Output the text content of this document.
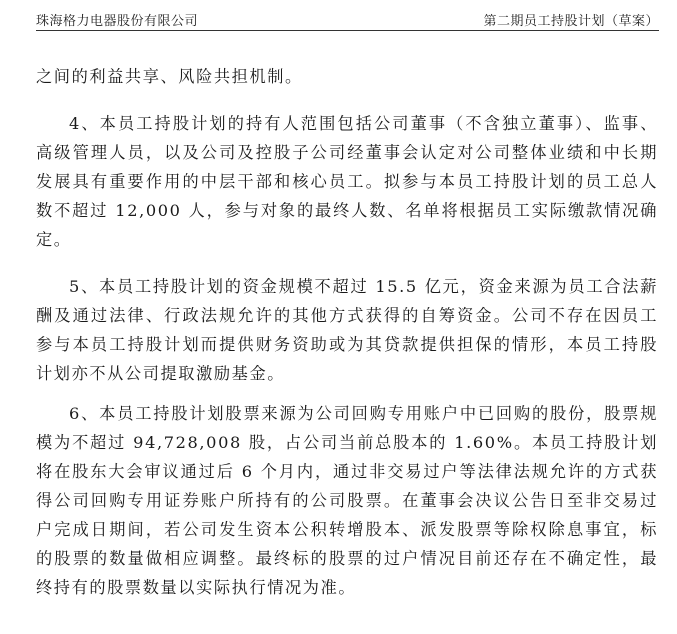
珠海格力电器股份有限公司	第二期员工持股计划（草案）

之间的利益共享、风险共担机制。

4、本员工持股计划的持有人范围包括公司董事（不含独立董事）、监事、高级管理人员，以及公司及控股子公司经董事会认定对公司整体业绩和中长期发展具有重要作用的中层干部和核心员工。拟参与本员工持股计划的员工总人数不超过 12,000 人，参与对象的最终人数、名单将根据员工实际缴款情况确定。

5、本员工持股计划的资金规模不超过 15.5 亿元，资金来源为员工合法薪酬及通过法律、行政法规允许的其他方式获得的自筹资金。公司不存在因员工参与本员工持股计划而提供财务资助或为其贷款提供担保的情形，本员工持股计划亦不从公司提取激励基金。

6、本员工持股计划股票来源为公司回购专用账户中已回购的股份，股票规模为不超过 94,728,008 股，占公司当前总股本的 1.60%。本员工持股计划将在股东大会审议通过后 6 个月内，通过非交易过户等法律法规允许的方式获得公司回购专用证券账户所持有的公司股票。在董事会决议公告日至非交易过户完成日期间，若公司发生资本公积转增股本、派发股票等除权除息事宜，标的股票的数量做相应调整。最终标的股票的过户情况目前还存在不确定性，最终持有的股票数量以实际执行情况为准。
